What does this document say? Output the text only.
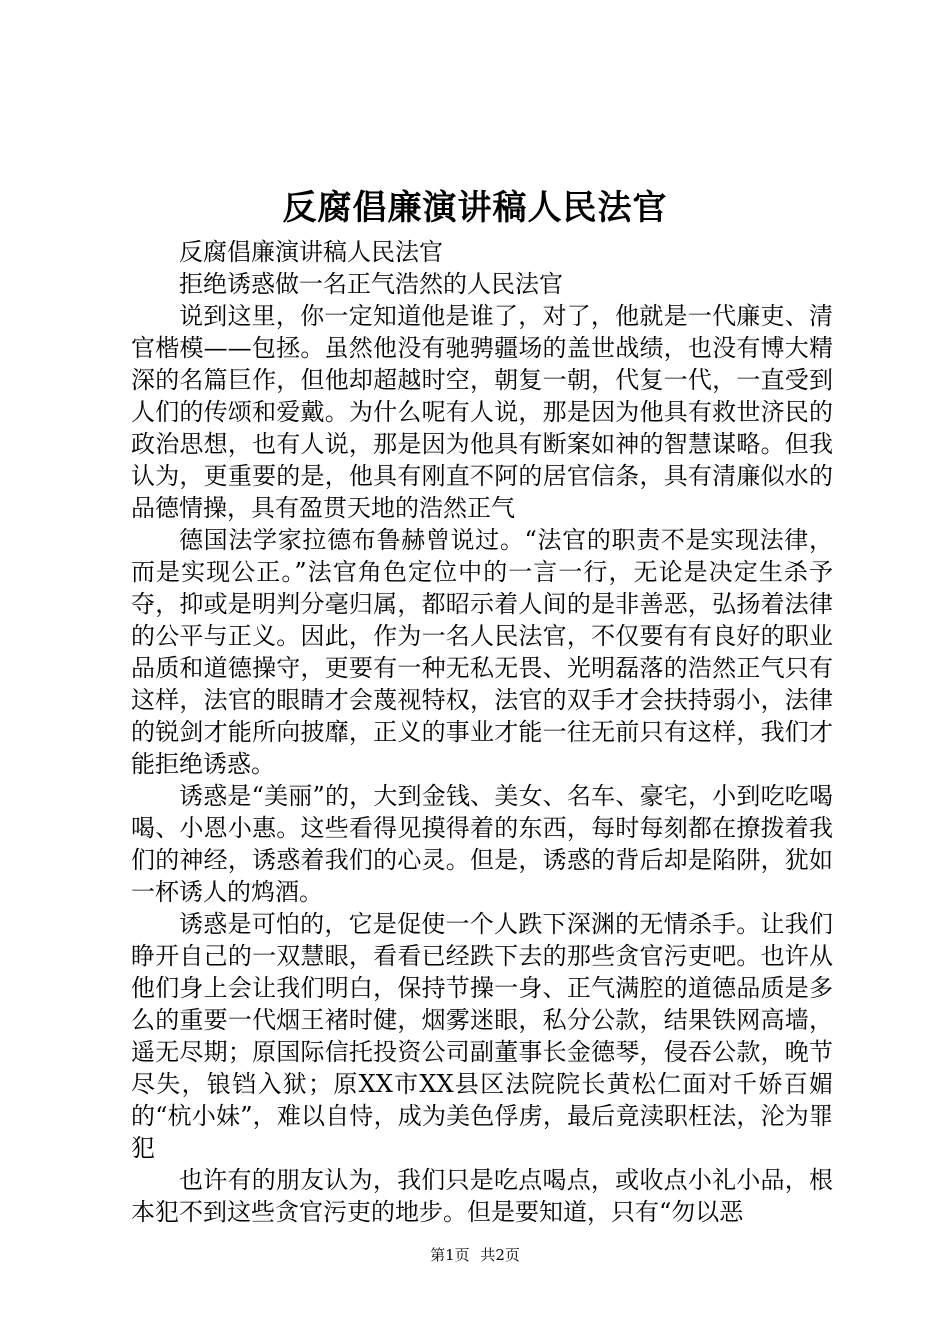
反腐倡廉演讲稿人民法官

反腐倡廉演讲稿人民法官

拒绝诱惑做一名正气浩然的人民法官

说到这里，你一定知道他是谁了，对了，他就是一代廉吏、清官楷模——包拯。虽然他没有驰骋疆场的盖世战绩，也没有博大精深的名篇巨作，但他却超越时空，朝复一朝，代复一代，一直受到人们的传颂和爱戴。为什么呢有人说，那是因为他具有救世济民的政治思想，也有人说，那是因为他具有断案如神的智慧谋略。但我认为，更重要的是，他具有刚直不阿的居官信条，具有清廉似水的品德情操，具有盈贯天地的浩然正气

德国法学家拉德布鲁赫曾说过。“法官的职责不是实现法律，而是实现公正。”法官角色定位中的一言一行，无论是决定生杀予夺，抑或是明判分毫归属，都昭示着人间的是非善恶，弘扬着法律的公平与正义。因此，作为一名人民法官，不仅要有有良好的职业品质和道德操守，更要有一种无私无畏、光明磊落的浩然正气只有这样，法官的眼睛才会蔑视特权，法官的双手才会扶持弱小，法律的锐剑才能所向披靡，正义的事业才能一往无前只有这样，我们才能拒绝诱惑。

诱惑是“美丽”的，大到金钱、美女、名车、豪宅，小到吃吃喝喝、小恩小惠。这些看得见摸得着的东西，每时每刻都在撩拨着我们的神经，诱惑着我们的心灵。但是，诱惑的背后却是陷阱，犹如一杯诱人的鸩酒。

诱惑是可怕的，它是促使一个人跌下深渊的无情杀手。让我们睁开自己的一双慧眼，看看已经跌下去的那些贪官污吏吧。也许从他们身上会让我们明白，保持节操一身、正气满腔的道德品质是多么的重要一代烟王褚时健，烟雾迷眼，私分公款，结果铁网高墙，遥无尽期；原国际信托投资公司副董事长金德琴，侵吞公款，晚节尽失，锒铛入狱；原XX市XX县区法院院长黄松仁面对千娇百媚的“杭小妹”，难以自恃，成为美色俘虏，最后竟渎职枉法，沦为罪犯

也许有的朋友认为，我们只是吃点喝点，或收点小礼小品，根本犯不到这些贪官污吏的地步。但是要知道，只有“勿以恶

第1页 共2页
